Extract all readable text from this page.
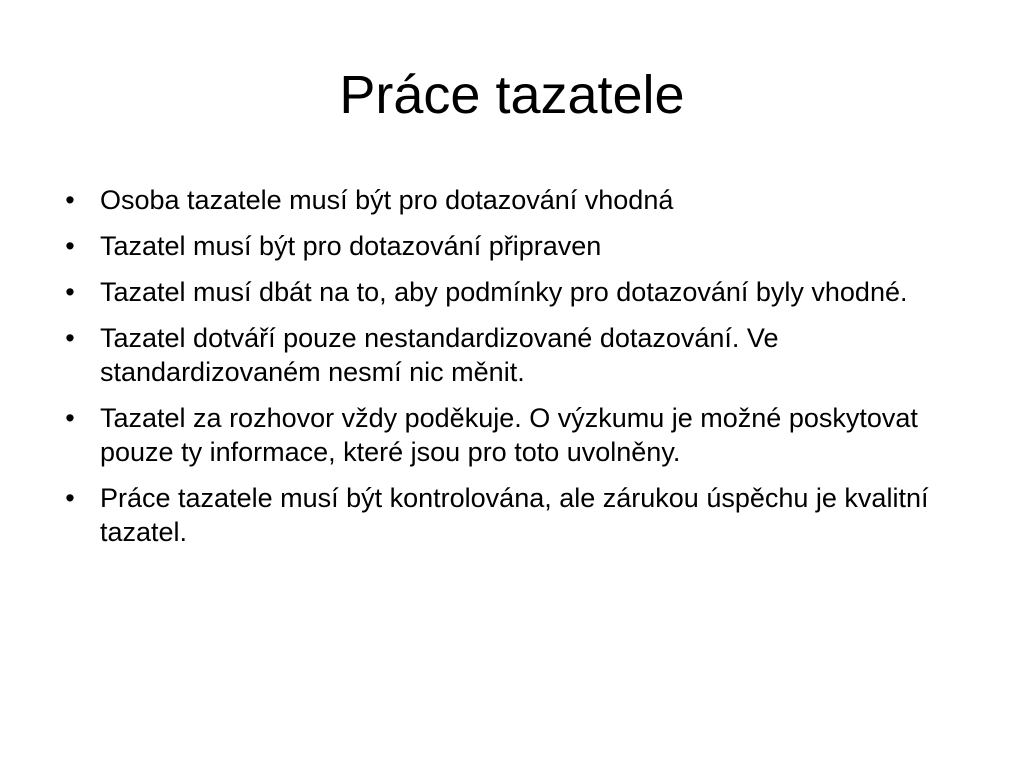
Práce tazatele
• Osoba tazatele musí být pro dotazování vhodná
• Tazatel musí být pro dotazování připraven
• Tazatel musí dbát na to, aby podmínky pro dotazování byly vhodné.
• Tazatel dotváří pouze nestandardizované dotazování. Ve standardizovaném nesmí nic měnit.
• Tazatel za rozhovor vždy poděkuje. O výzkumu je možné poskytovat pouze ty informace, které jsou pro toto uvolněny.
• Práce tazatele musí být kontrolována, ale zárukou úspěchu je kvalitní tazatel.
